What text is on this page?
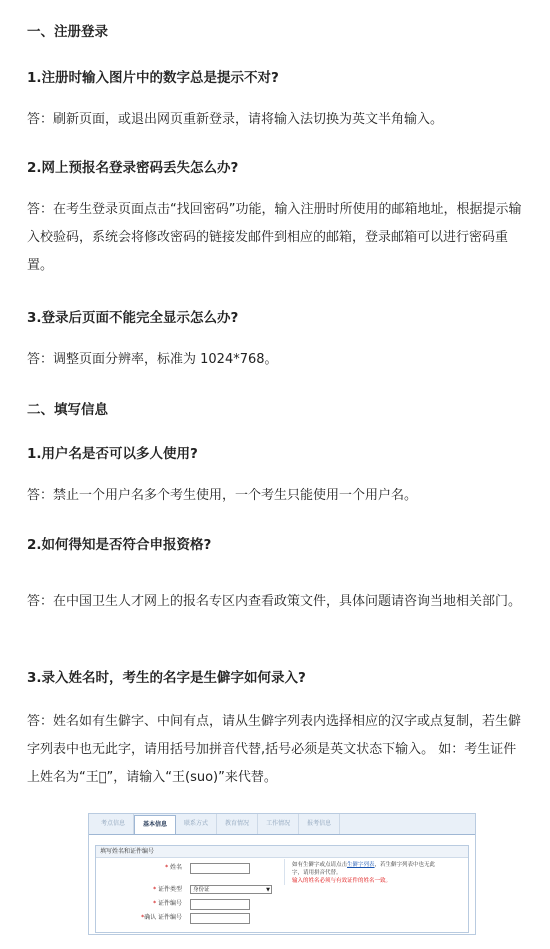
一、注册登录
1.注册时输入图片中的数字总是提示不对?
答：刷新页面，或退出网页重新登录，请将输入法切换为英文半角输入。
2.网上预报名登录密码丢失怎么办?
答：在考生登录页面点击“找回密码”功能，输入注册时所使用的邮箱地址，根据提示输入校验码，系统会将修改密码的链接发邮件到相应的邮箱，登录邮箱可以进行密码重置。
3.登录后页面不能完全显示怎么办?
答：调整页面分辨率，标准为 1024*768。
二、填写信息
1.用户名是否可以多人使用?
答：禁止一个用户名多个考生使用，一个考生只能使用一个用户名。
2.如何得知是否符合申报资格?
答：在中国卫生人才网上的报名专区内查看政策文件，具体问题请咨询当地相关部门。
3.录入姓名时，考生的名字是生僻字如何录入?
答：姓名如有生僻字、中间有点，请从生僻字列表内选择相应的汉字或点复制，若生僻字列表中也无此字，请用括号加拼音代替,括号必须是英文状态下输入。 如：考生证件上姓名为“王𬡼”，请输入“王(suo)”来代替。
考点信息	基本信息	联系方式	教育情况	工作情况	报考信息
填写姓名和证件编号
* 姓名	如有生僻字或点请点击生僻字列表，若生僻字列表中也无此字，请用拼音代替。
输入的姓名必须与有效证件的姓名一致。
* 证件类型	身份证	▼
* 证件编号
*确认 证件编号
